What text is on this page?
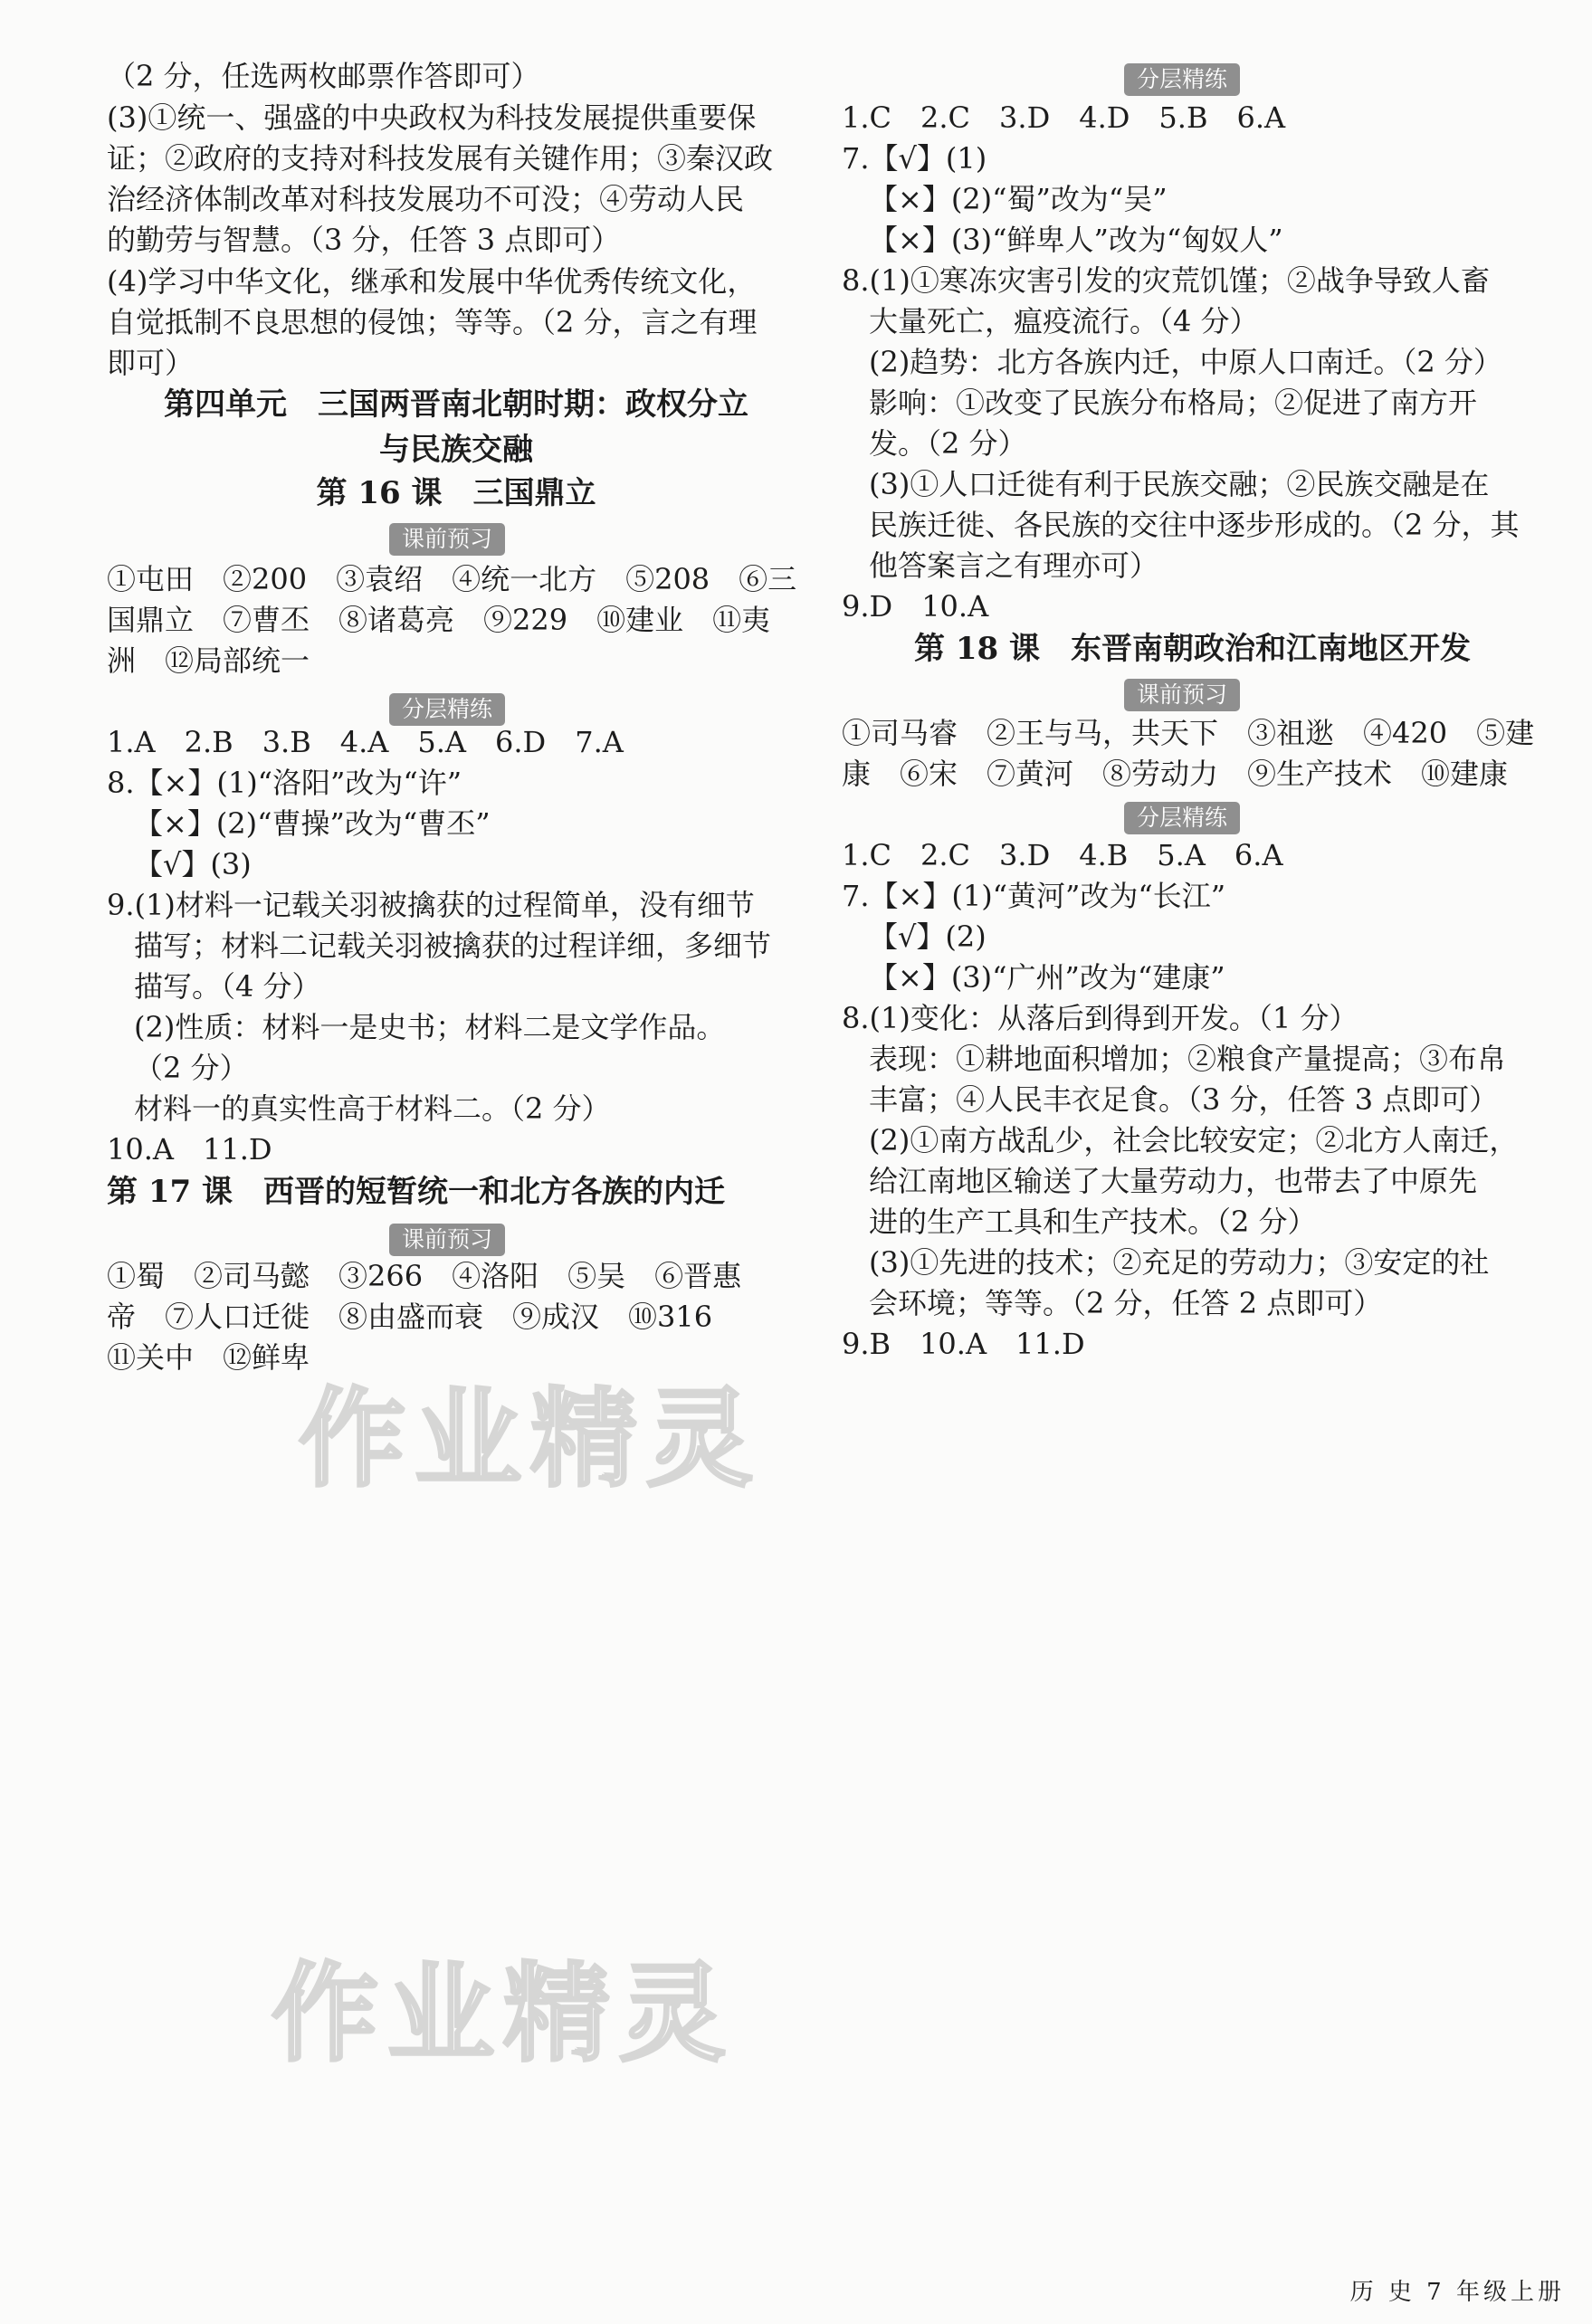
（2 分，任选两枚邮票作答即可）
(3)①统一、强盛的中央政权为科技发展提供重要保
证；②政府的支持对科技发展有关键作用；③秦汉政
治经济体制改革对科技发展功不可没；④劳动人民
的勤劳与智慧。（3 分，任答 3 点即可）
(4)学习中华文化，继承和发展中华优秀传统文化，
自觉抵制不良思想的侵蚀；等等。（2 分，言之有理
即可）
第四单元　三国两晋南北朝时期：政权分立
与民族交融
第 16 课　三国鼎立
课前预习
①屯田　②200　③袁绍　④统一北方　⑤208　⑥三
国鼎立　⑦曹丕　⑧诸葛亮　⑨229　⑩建业　⑪夷
洲　⑫局部统一
分层精练
1.A　2.B　3.B　4.A　5.A　6.D　7.A
8.【×】(1)“洛阳”改为“许”
【×】(2)“曹操”改为“曹丕”
【√】(3)
9.(1)材料一记载关羽被擒获的过程简单，没有细节
描写；材料二记载关羽被擒获的过程详细，多细节
描写。（4 分）
(2)性质：材料一是史书；材料二是文学作品。
（2 分）
材料一的真实性高于材料二。（2 分）
10.A　11.D
第 17 课　西晋的短暂统一和北方各族的内迁
课前预习
①蜀　②司马懿　③266　④洛阳　⑤吴　⑥晋惠
帝　⑦人口迁徙　⑧由盛而衰　⑨成汉　⑩316
⑪关中　⑫鲜卑
分层精练
1.C　2.C　3.D　4.D　5.B　6.A
7.【√】(1)
【×】(2)“蜀”改为“吴”
【×】(3)“鲜卑人”改为“匈奴人”
8.(1)①寒冻灾害引发的灾荒饥馑；②战争导致人畜
大量死亡，瘟疫流行。（4 分）
(2)趋势：北方各族内迁，中原人口南迁。（2 分）
影响：①改变了民族分布格局；②促进了南方开
发。（2 分）
(3)①人口迁徙有利于民族交融；②民族交融是在
民族迁徙、各民族的交往中逐步形成的。（2 分，其
他答案言之有理亦可）
9.D　10.A
第 18 课　东晋南朝政治和江南地区开发
课前预习
①司马睿　②王与马，共天下　③祖逖　④420　⑤建
康　⑥宋　⑦黄河　⑧劳动力　⑨生产技术　⑩建康
分层精练
1.C　2.C　3.D　4.B　5.A　6.A
7.【×】(1)“黄河”改为“长江”
【√】(2)
【×】(3)“广州”改为“建康”
8.(1)变化：从落后到得到开发。（1 分）
表现：①耕地面积增加；②粮食产量提高；③布帛
丰富；④人民丰衣足食。（3 分，任答 3 点即可）
(2)①南方战乱少，社会比较安定；②北方人南迁，
给江南地区输送了大量劳动力，也带去了中原先
进的生产工具和生产技术。（2 分）
(3)①先进的技术；②充足的劳动力；③安定的社
会环境；等等。（2 分，任答 2 点即可）
9.B　10.A　11.D
作业精灵
作业精灵
历 史 7 年级上册
